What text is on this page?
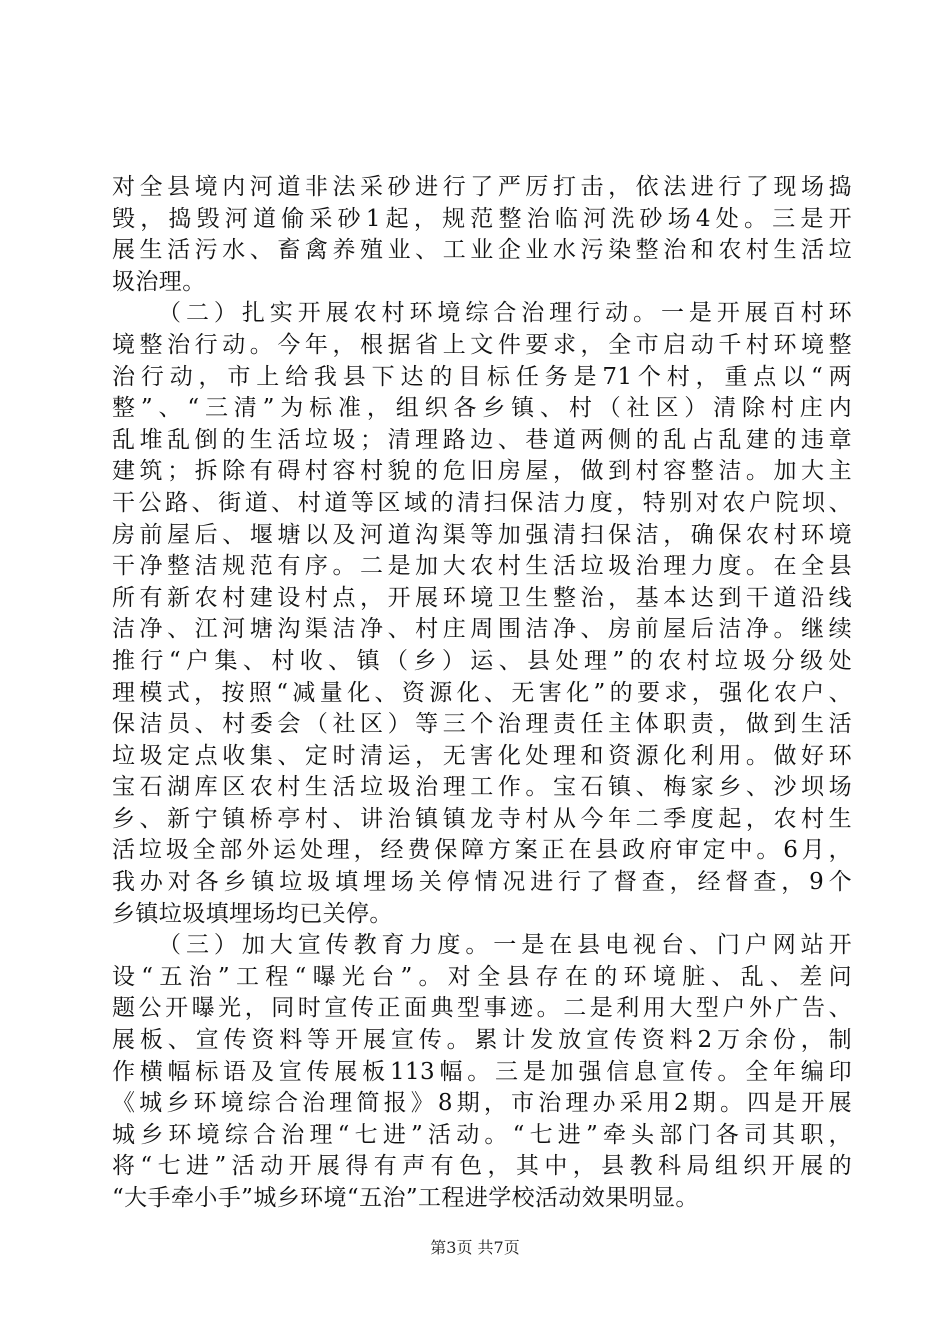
对全县境内河道非法采砂进行了严厉打击，依法进行了现场捣
毁，捣毁河道偷采砂1起，规范整治临河洗砂场4处。三是开
展生活污水、畜禽养殖业、工业企业水污染整治和农村生活垃
圾治理。
（二）扎实开展农村环境综合治理行动。一是开展百村环
境整治行动。今年，根据省上文件要求，全市启动千村环境整
治行动，市上给我县下达的目标任务是71个村，重点以“两
整”、“三清”为标准，组织各乡镇、村（社区）清除村庄内
乱堆乱倒的生活垃圾；清理路边、巷道两侧的乱占乱建的违章
建筑；拆除有碍村容村貌的危旧房屋，做到村容整洁。加大主
干公路、街道、村道等区域的清扫保洁力度，特别对农户院坝、
房前屋后、堰塘以及河道沟渠等加强清扫保洁，确保农村环境
干净整洁规范有序。二是加大农村生活垃圾治理力度。在全县
所有新农村建设村点，开展环境卫生整治，基本达到干道沿线
洁净、江河塘沟渠洁净、村庄周围洁净、房前屋后洁净。继续
推行“户集、村收、镇（乡）运、县处理”的农村垃圾分级处
理模式，按照“减量化、资源化、无害化”的要求，强化农户、
保洁员、村委会（社区）等三个治理责任主体职责，做到生活
垃圾定点收集、定时清运，无害化处理和资源化利用。做好环
宝石湖库区农村生活垃圾治理工作。宝石镇、梅家乡、沙坝场
乡、新宁镇桥亭村、讲治镇镇龙寺村从今年二季度起，农村生
活垃圾全部外运处理，经费保障方案正在县政府审定中。6月，
我办对各乡镇垃圾填埋场关停情况进行了督查，经督查，9个
乡镇垃圾填埋场均已关停。
（三）加大宣传教育力度。一是在县电视台、门户网站开
设“五治”工程“曝光台”。对全县存在的环境脏、乱、差问
题公开曝光，同时宣传正面典型事迹。二是利用大型户外广告、
展板、宣传资料等开展宣传。累计发放宣传资料2万余份，制
作横幅标语及宣传展板113幅。三是加强信息宣传。全年编印
《城乡环境综合治理简报》8期，市治理办采用2期。四是开展
城乡环境综合治理“七进”活动。“七进”牵头部门各司其职，
将“七进”活动开展得有声有色，其中，县教科局组织开展的
“大手牵小手”城乡环境“五治”工程进学校活动效果明显。
第3页 共7页
